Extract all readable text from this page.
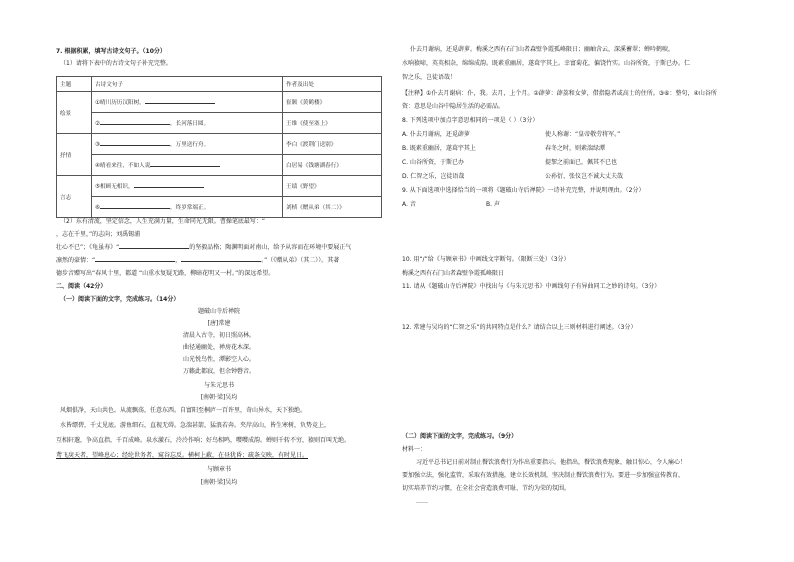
7. 根据积累，填写古诗文句子。（10分）
（1）请将下表中的古诗文句子补充完整。
主题	古诗文句子	作者及出处
绘景	①晴川历历汉阳树，	崔颢《黄鹤楼》
	② ，长河落日圆。	王维《使至塞上》
抒情	③ ，万里送行舟。	李白《渡荆门送别》
	④晴看来往，不如人说	白居易《钱塘湖春行》
言志	⑤相顾无相识，	王绩《野望》
	⑥ ，终岁常端正。	刘桢《赠从弟（其二）》
（2）东有清流，坚定信念，人生充满力量，生命同光无限。曹操笔底最写：“
，志在千里，”的志向；刘禹锡浦
壮心不已”；《龟虽寿》“	的坚毅品格；陶渊明面对南山，给予从容而在环境中要展正气
凛然的豪情：“	，	。”（《赠从弟》（其二））。其著
德步音赠写出“春风十里，都道 “山重水复疑无路，柳暗花明又一村。”的深远希望。
二、阅读（42分）
（一）阅读下面的文字，完成练习。（14分）
题破山寺后禅院
[唐]常建
清晨入古寺，初日照高林。
曲径通幽处，禅房花木深。
山光悦鸟性，潭影空人心。
万籁此都寂，但余钟磬音。
与朱元思书
[南朝·梁]吴均
风烟俱净，天山共色。从流飘荡，任意东西。自富阳至桐庐一百许里，奇山异水，天下独绝。
水皆缥碧，千丈见底。游鱼细石，直视无碍。急湍甚箭，猛浪若奔。夹岸高山，皆生寒树，负势竞上，
互相轩邈，争高直指，千百成峰。泉水激石，泠泠作响；好鸟相鸣，嘤嘤成韵。蝉则千转不穷，猿则百叫无绝。
鸢飞戾天者，望峰息心；经纶世务者，窥谷忘反。横柯上蔽，在昼犹昏；疏条交映，有时见日。
与顾章书
[南朝·梁]吴均
仆去月谢病，还觅薜萝。梅溪之西有石门山者森壁争霞孤峰限日；幽岫含云，深溪蓄翠；蝉吟鹤唳，
水响猿啼，英英相杂，绵绵成韵。既素重幽居，遂葺宇其上。幸富菊花，偏饶竹实。山谷所资，于斯已办。仁
智之乐，岂徒语哉！
【注释】①仆去月谢病：仆，我。去月，上个月。②薜萝：薜荔和女萝，借指隐者或高士的住所。③⑥：整句，④山谷所
资：意思是山谷中隐居生活的必需品。
8. 下列选项中加点字意思相同的一项是（ ）（3分）
A. 仆去月谢病，还觅薜萝	使人称谢：“皇帝敬劳将军。”
B. 既素重幽居，遂葺宇其上	春冬之时，则素湍绿潭
C. 山谷所资，于斯已办	提挈之前面已，佩其不已也
D. 仁智之乐，岂徒语哉	公孙衍、张仪岂不诚大丈夫哉
9. 从下面选项中选择恰当的一项将《题破山寺后禅院》一诗补充完整，并说明理由。（2分）
A. 音	B. 声
10. 用“/”给《与顾章书》中画线文字断句。（限断三处）（3分）
梅溪之西有石门山者森壁争霞孤峰限日
11. 请从《题破山寺后禅院》中找出与《与朱元思书》中画线句子有异曲同工之妙的诗句。（3分）
12. 常建与吴均的“仁智之乐”的共同特点是什么？请结合以上三则材料进行阐述。（3分）
（二）阅读下面的文字，完成练习。（9分）
材料一：
习近平总书记日前对制止餐饮浪费行为作出重要指示。他指出，餐饮浪费现象，触目惊心，令人痛心！
要加强立法，强化监管，采取有效措施，建立长效机制，坚决制止餐饮浪费行为。要进一步加强宣传教育，
切实培养节约习惯，在全社会营造浪费可耻、节约为荣的氛围。
……
